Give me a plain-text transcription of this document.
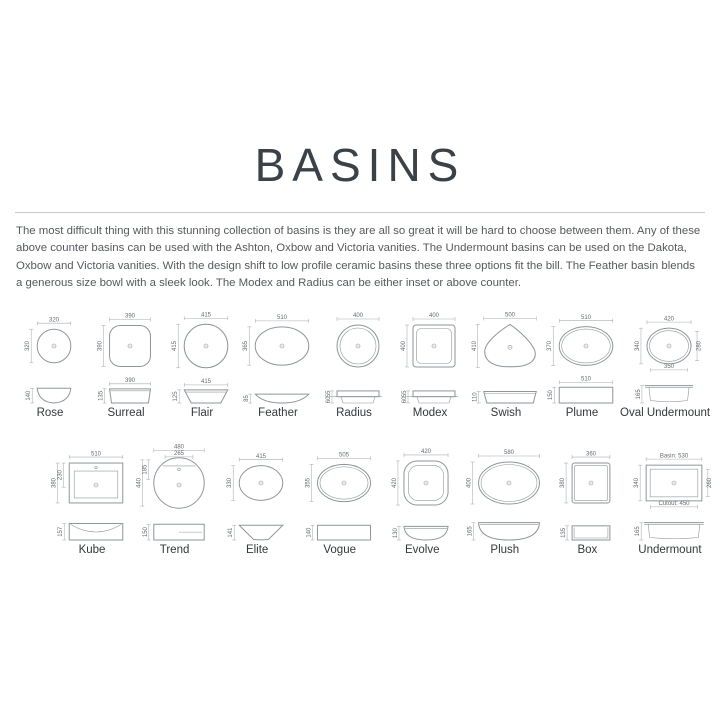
BASINS

The most difficult thing with this stunning collection of basins is they are all so great it will be hard to choose between them. Any of these above counter basins can be used with the Ashton, Oxbow and Victoria vanities. The Undermount basins can be used on the Dakota, Oxbow and Victoria vanities. With the design shift to low profile ceramic basins these three options fit the bill. The Feather basin blends a generous size bowl with a sleek look. The Modex and Radius can be either inset or above counter.

320
320
140
Rose
390
390
390
135
Surreal
415
415
415
125
Flair
510
365
85
Feather
400
55
60
Radius
400
400
55
60
Modex
500
410
110
Swish
510
370
510
150
Plume
420
340	280
350
165
Oval Undermount
510
380
230
157
Kube
480
265
440
185
150
Trend
415
330
141
Elite
505
355
140
Vogue
420
420
130
Evolve
580
400
165
Plush
360
380
135
Box
Basin: 530
340	260
Cutout: 450
165
Undermount
